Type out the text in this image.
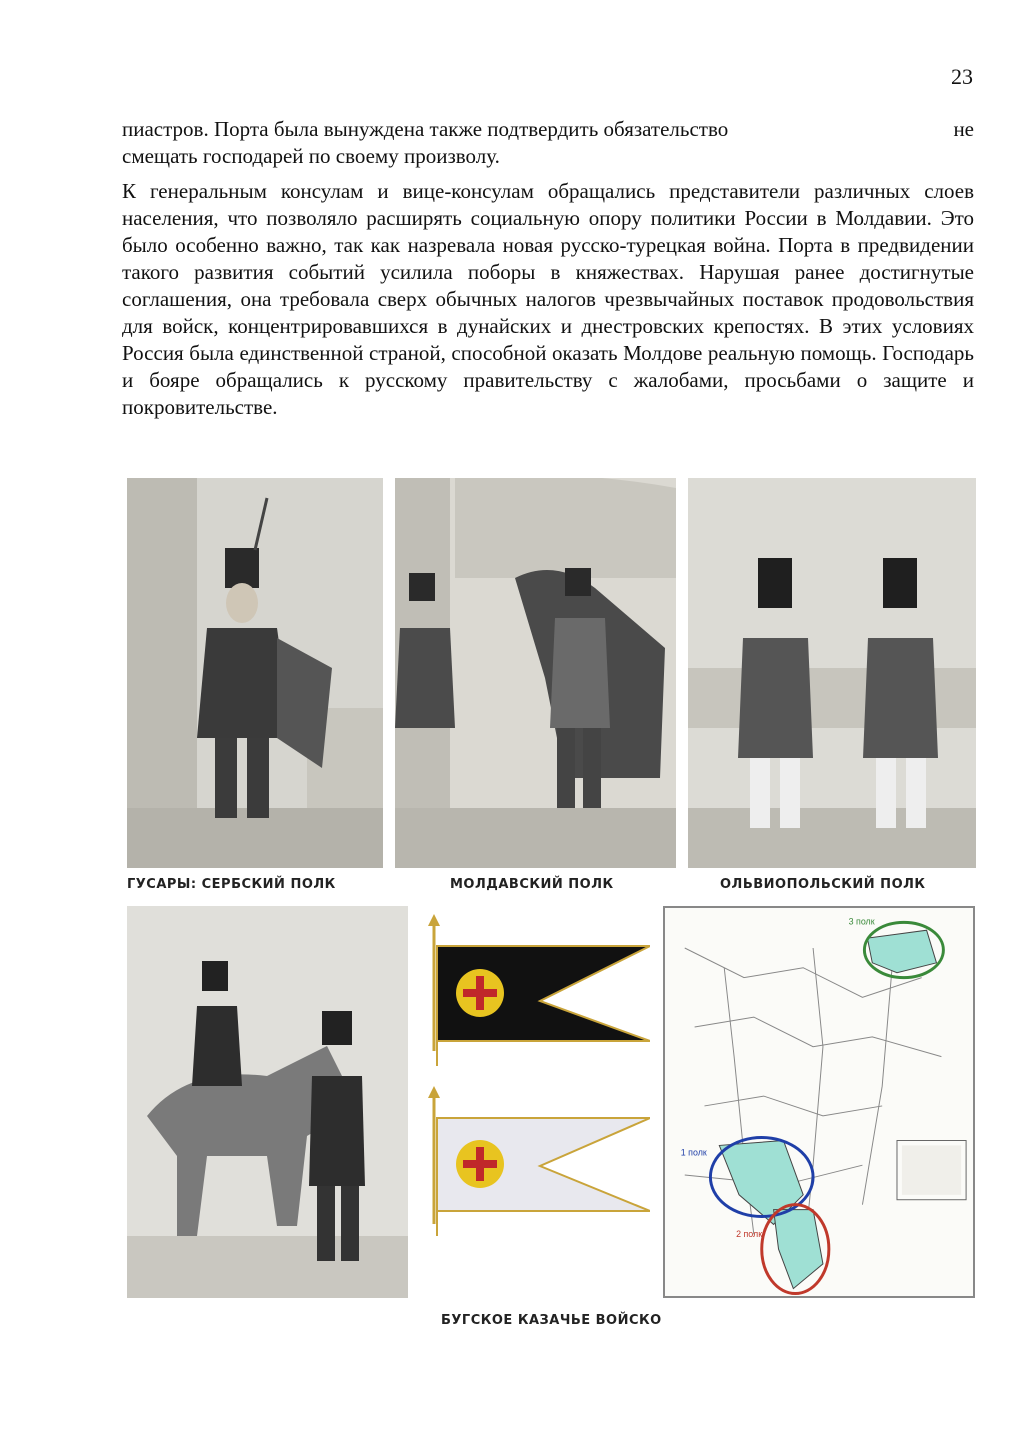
23

пиастров. Порта была вынуждена также подтвердить обязательство	не
смещать господарей по своему произволу.

К генеральным консулам и вице-консулам обращались представители различных слоев населения, что позволяло расширять социальную опору политики России в Молдавии. Это было особенно важно, так как назревала новая русско-турецкая война. Порта в предвидении такого развития событий усилила поборы в княжествах. Нарушая ранее достигнутые соглашения, она требовала сверх обычных налогов чрезвычайных поставок продовольствия для войск, концентрировавшихся в дунайских и днестровских крепостях. В этих условиях Россия была единственной страной, способной оказать Молдове реальную помощь. Господарь и бояре обращались к русскому правительству с жалобами, просьбами о защите и покровительстве.

ГУСАРЫ: СЕРБСКИЙ ПОЛК	МОЛДАВСКИЙ ПОЛК	ОЛЬВИОПОЛЬСКИЙ ПОЛК
3 полк
1 полк
2 полк
БУГСКОЕ КАЗАЧЬЕ ВОЙСКО
